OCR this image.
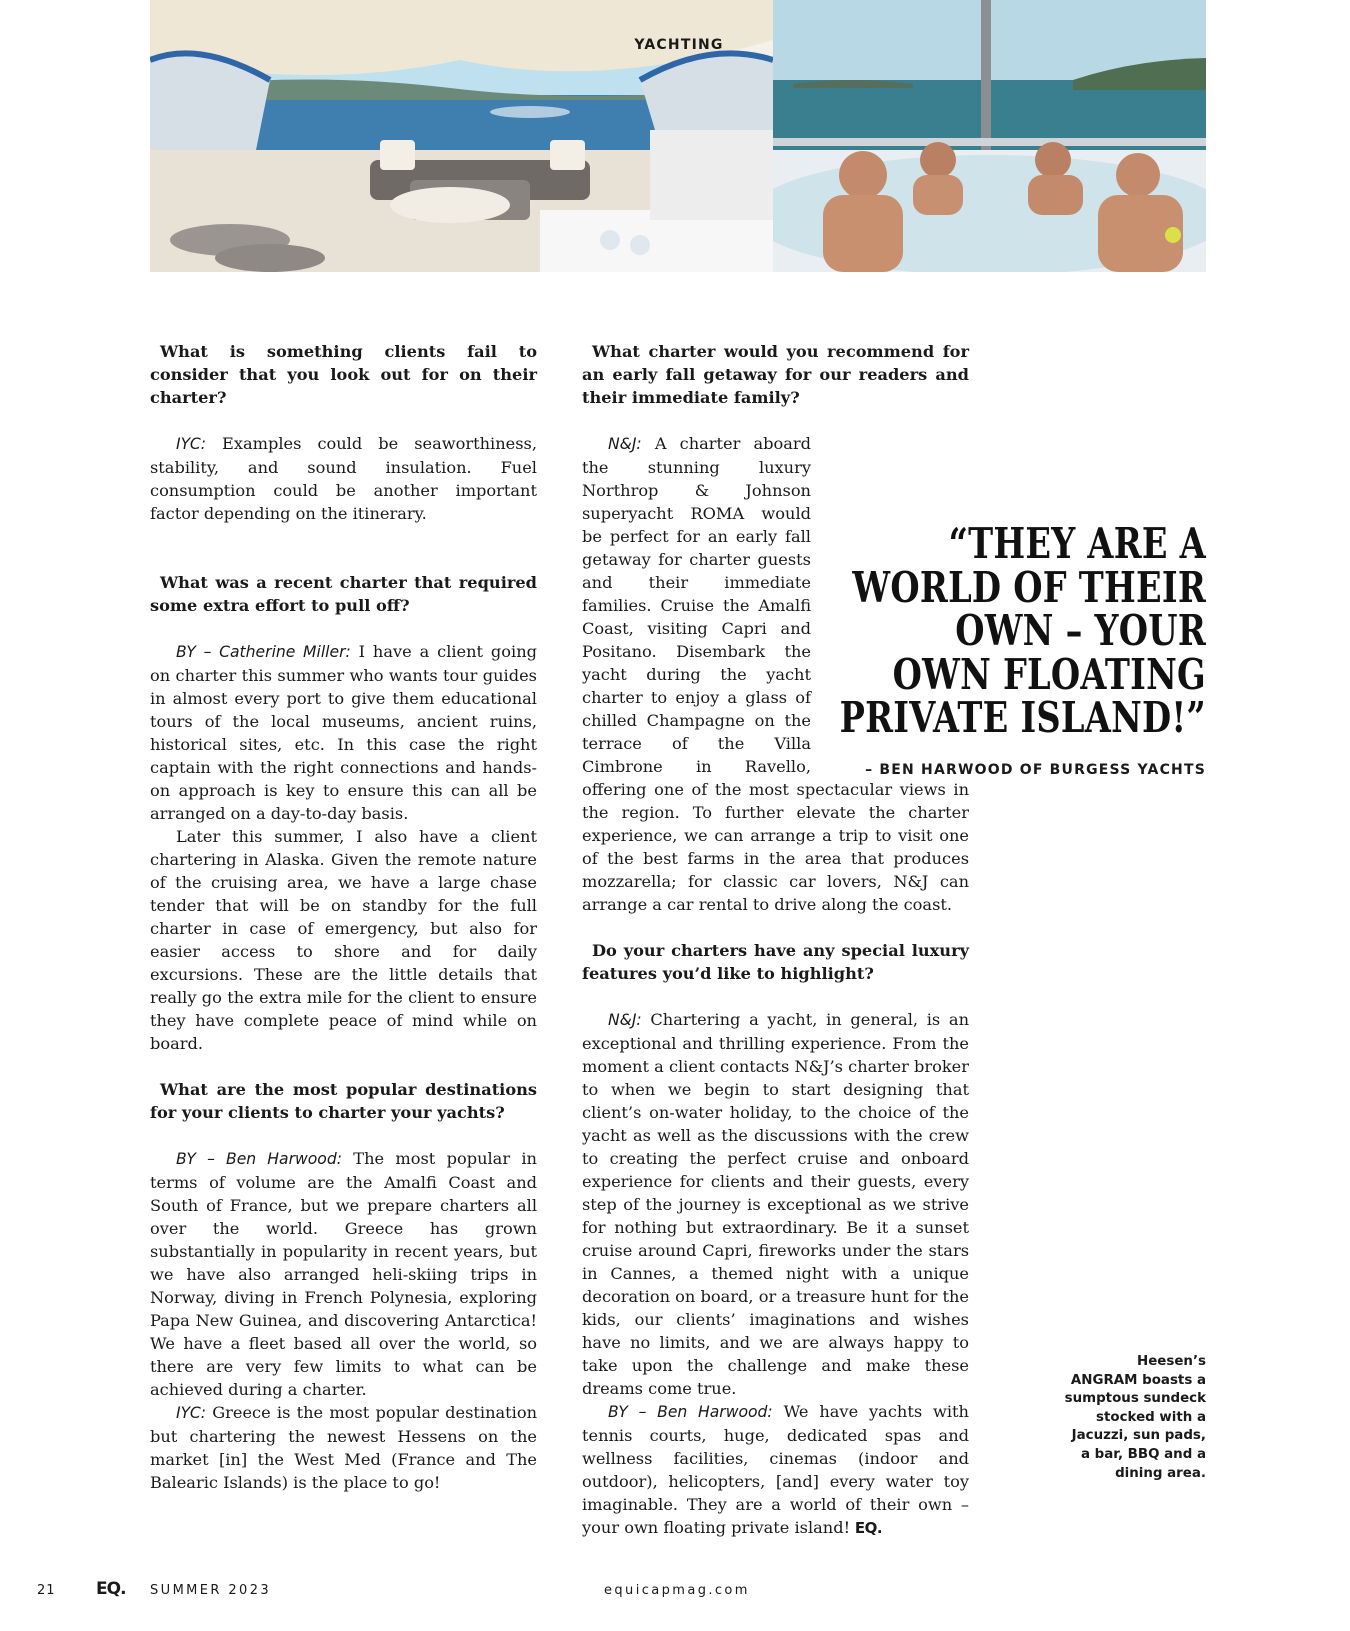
YACHTING

What is something clients fail to consider that you look out for on their charter?

IYC: Examples could be seaworthiness, stability, and sound insulation. Fuel consumption could be another important factor depending on the itinerary.

What was a recent charter that required some extra effort to pull off?

BY – Catherine Miller: I have a client going on charter this summer who wants tour guides in almost every port to give them educational tours of the local museums, ancient ruins, historical sites, etc. In this case the right captain with the right connections and hands-on approach is key to ensure this can all be arranged on a day-to-day basis.

Later this summer, I also have a client chartering in Alaska. Given the remote nature of the cruising area, we have a large chase tender that will be on standby for the full charter in case of emergency, but also for easier access to shore and for daily excursions. These are the little details that really go the extra mile for the client to ensure they have complete peace of mind while on board.

What are the most popular destinations for your clients to charter your yachts?

BY – Ben Harwood: The most popular in terms of volume are the Amalfi Coast and South of France, but we prepare charters all over the world. Greece has grown substantially in popularity in recent years, but we have also arranged heli-skiing trips in Norway, diving in French Polynesia, exploring Papa New Guinea, and discovering Antarctica! We have a fleet based all over the world, so there are very few limits to what can be achieved during a charter.

IYC: Greece is the most popular destination but chartering the newest Hessens on the market [in] the West Med (France and The Balearic Islands) is the place to go!

What charter would you recommend for an early fall getaway for our readers and their immediate family?

N&J: A charter aboard the stunning luxury Northrop & Johnson superyacht ROMA would be perfect for an early fall getaway for charter guests and their immediate families. Cruise the Amalfi Coast, visiting Capri and Positano. Disembark the yacht during the yacht charter to enjoy a glass of chilled Champagne on the terrace of the Villa Cimbrone in Ravello, offering one of the most spectacular views in the region. To further elevate the charter experience, we can arrange a trip to visit one of the best farms in the area that produces mozzarella; for classic car lovers, N&J can arrange a car rental to drive along the coast.

Do your charters have any special luxury features you’d like to highlight?

N&J: Chartering a yacht, in general, is an exceptional and thrilling experience. From the moment a client contacts N&J’s charter broker to when we begin to start designing that client’s on-water holiday, to the choice of the yacht as well as the discussions with the crew to creating the perfect cruise and onboard experience for clients and their guests, every step of the journey is exceptional as we strive for nothing but extraordinary. Be it a sunset cruise around Capri, fireworks under the stars in Cannes, a themed night with a unique decoration on board, or a treasure hunt for the kids, our clients’ imaginations and wishes have no limits, and we are always happy to take upon the challenge and make these dreams come true.

BY – Ben Harwood: We have yachts with tennis courts, huge, dedicated spas and wellness facilities, cinemas (indoor and outdoor), helicopters, [and] every water toy imaginable. They are a world of their own – your own floating private island! EQ.

“THEY ARE A
WORLD OF THEIR
OWN – YOUR
OWN FLOATING
PRIVATE ISLAND!”
– BEN HARWOOD OF BURGESS YACHTS
Heesen’s
ANGRAM boasts a
sumptous sundeck
stocked with a
Jacuzzi, sun pads,
a bar, BBQ and a
dining area.
21 EQ. SUMMER 2023	equicapmag.com
